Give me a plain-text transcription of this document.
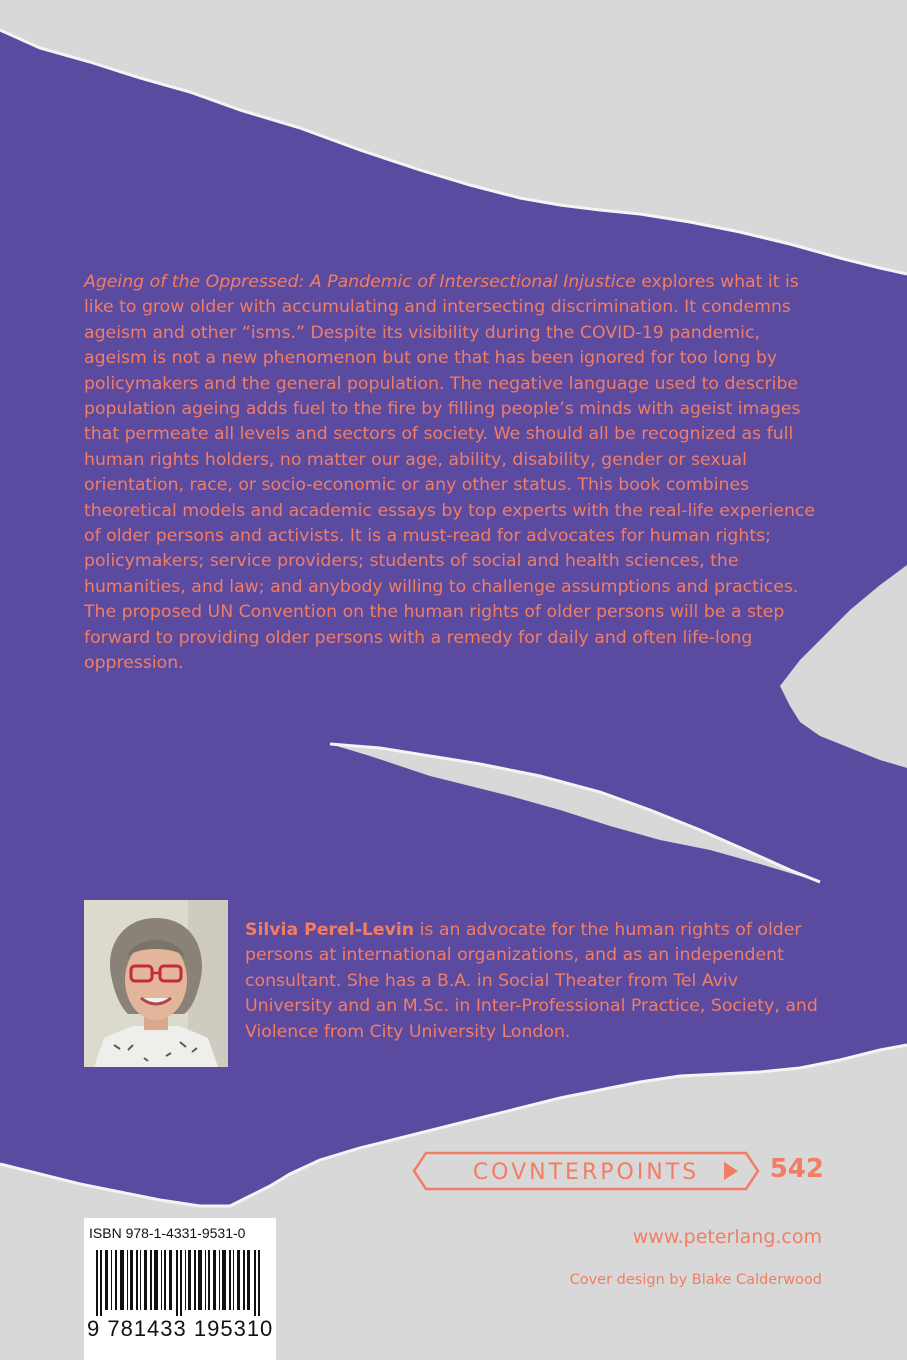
Ageing of the Oppressed: A Pandemic of Intersectional Injustice explores what it is like to grow older with accumulating and intersecting discrimination. It condemns ageism and other “isms.” Despite its visibility during the COVID-19 pandemic, ageism is not a new phenomenon but one that has been ignored for too long by policymakers and the general population. The negative language used to describe population ageing adds fuel to the fire by filling people’s minds with ageist images that permeate all levels and sectors of society. We should all be recognized as full human rights holders, no matter our age, ability, disability, gender or sexual orientation, race, or socio-economic or any other status. This book combines theoretical models and academic essays by top experts with the real-life experience of older persons and activists. It is a must-read for advocates for human rights; policymakers; service providers; students of social and health sciences, the humanities, and law; and anybody willing to challenge assumptions and practices. The proposed UN Convention on the human rights of older persons will be a step forward to providing older persons with a remedy for daily and often life-long oppression.

Silvia Perel-Levin is an advocate for the human rights of older persons at international organizations, and as an independent consultant. She has a B.A. in Social Theater from Tel Aviv University and an M.Sc. in Inter-Professional Practice, Society, and Violence from City University London.

COVNTERPOINTS	542
www.peterlang.com
Cover design by Blake Calderwood
ISBN 978-1-4331-9531-0
9 781433 195310
